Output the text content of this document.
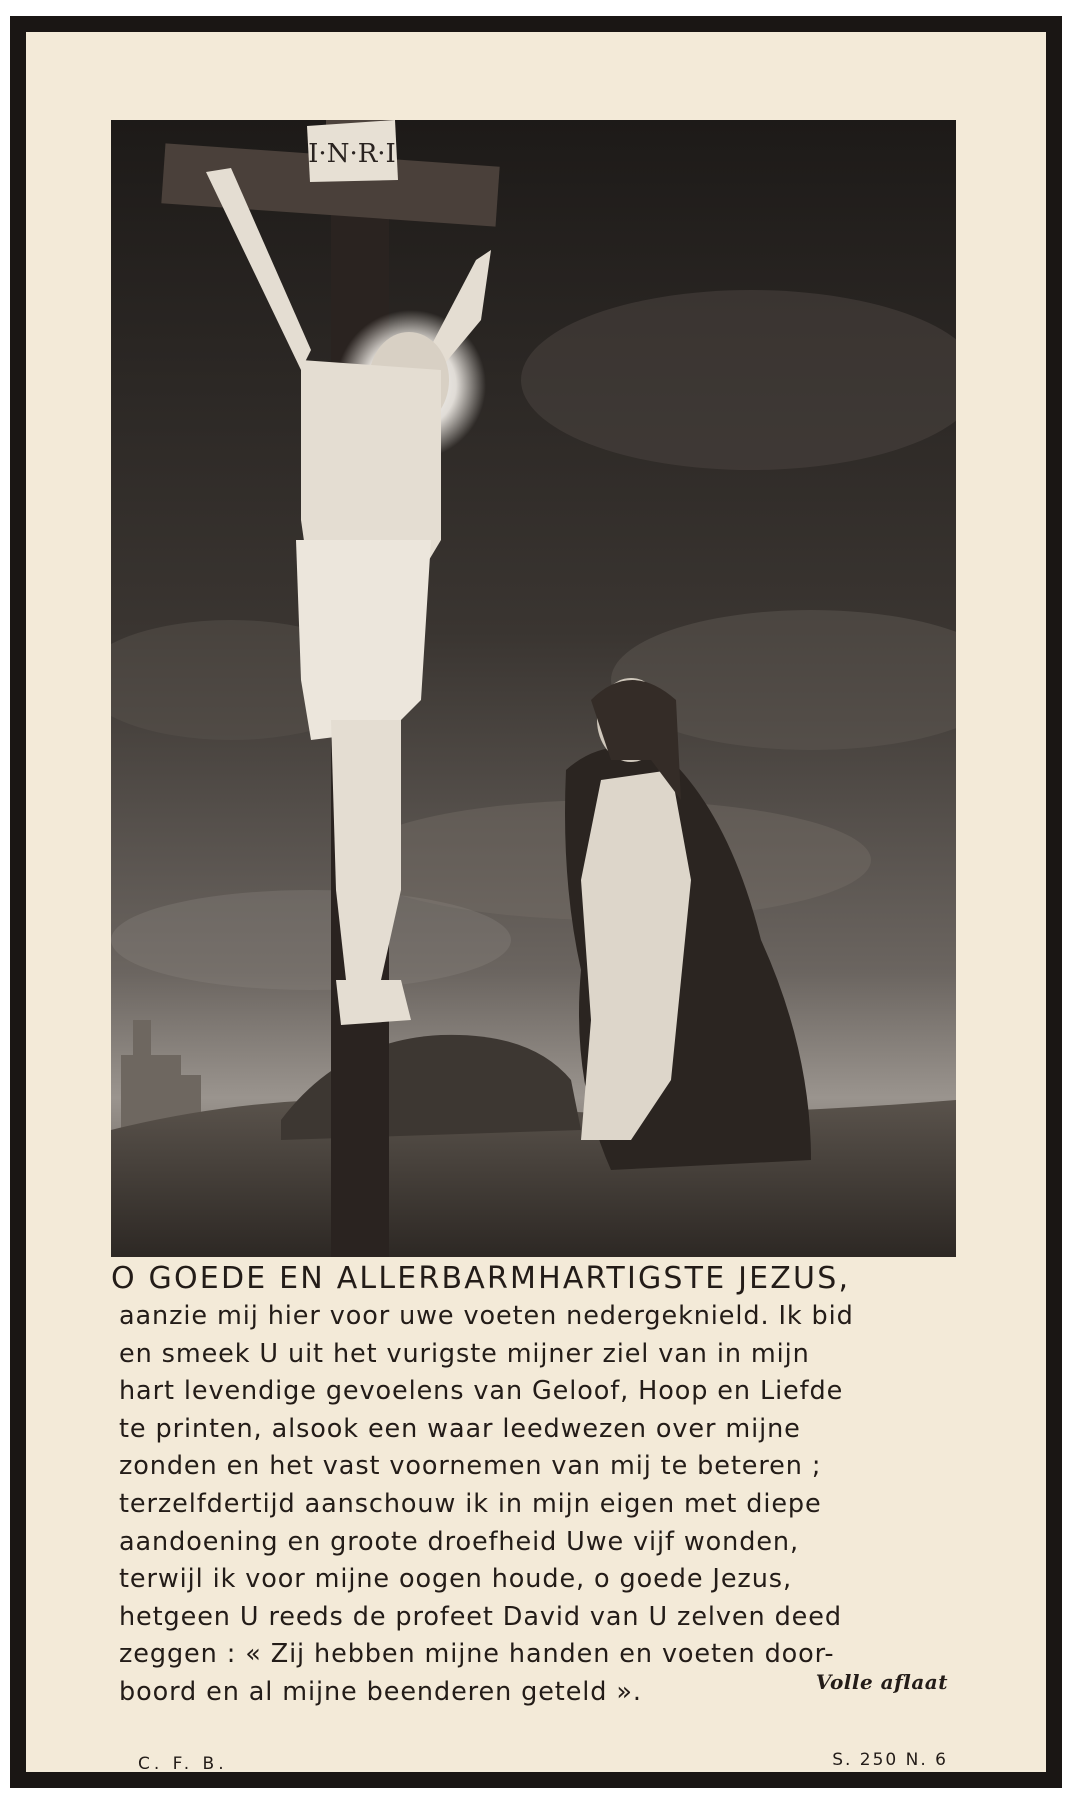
I·N·R·I
O GOEDE EN ALLERBARMHARTIGSTE JEZUS,
aanzie mij hier voor uwe voeten nedergeknield. Ik bid
en smeek U uit het vurigste mijner ziel van in mijn
hart levendige gevoelens van Geloof, Hoop en Liefde
te printen, alsook een waar leedwezen over mijne
zonden en het vast voornemen van mij te beteren ;
terzelfdertijd aanschouw ik in mijn eigen met diepe
aandoening en groote droefheid Uwe vijf wonden,
terwijl ik voor mijne oogen houde, o goede Jezus,
hetgeen U reeds de profeet David van U zelven deed
zeggen : « Zij hebben mijne handen en voeten door-
boord en al mijne beenderen geteld ».	Volle aflaat
C. F. B.	S. 250 N. 6
